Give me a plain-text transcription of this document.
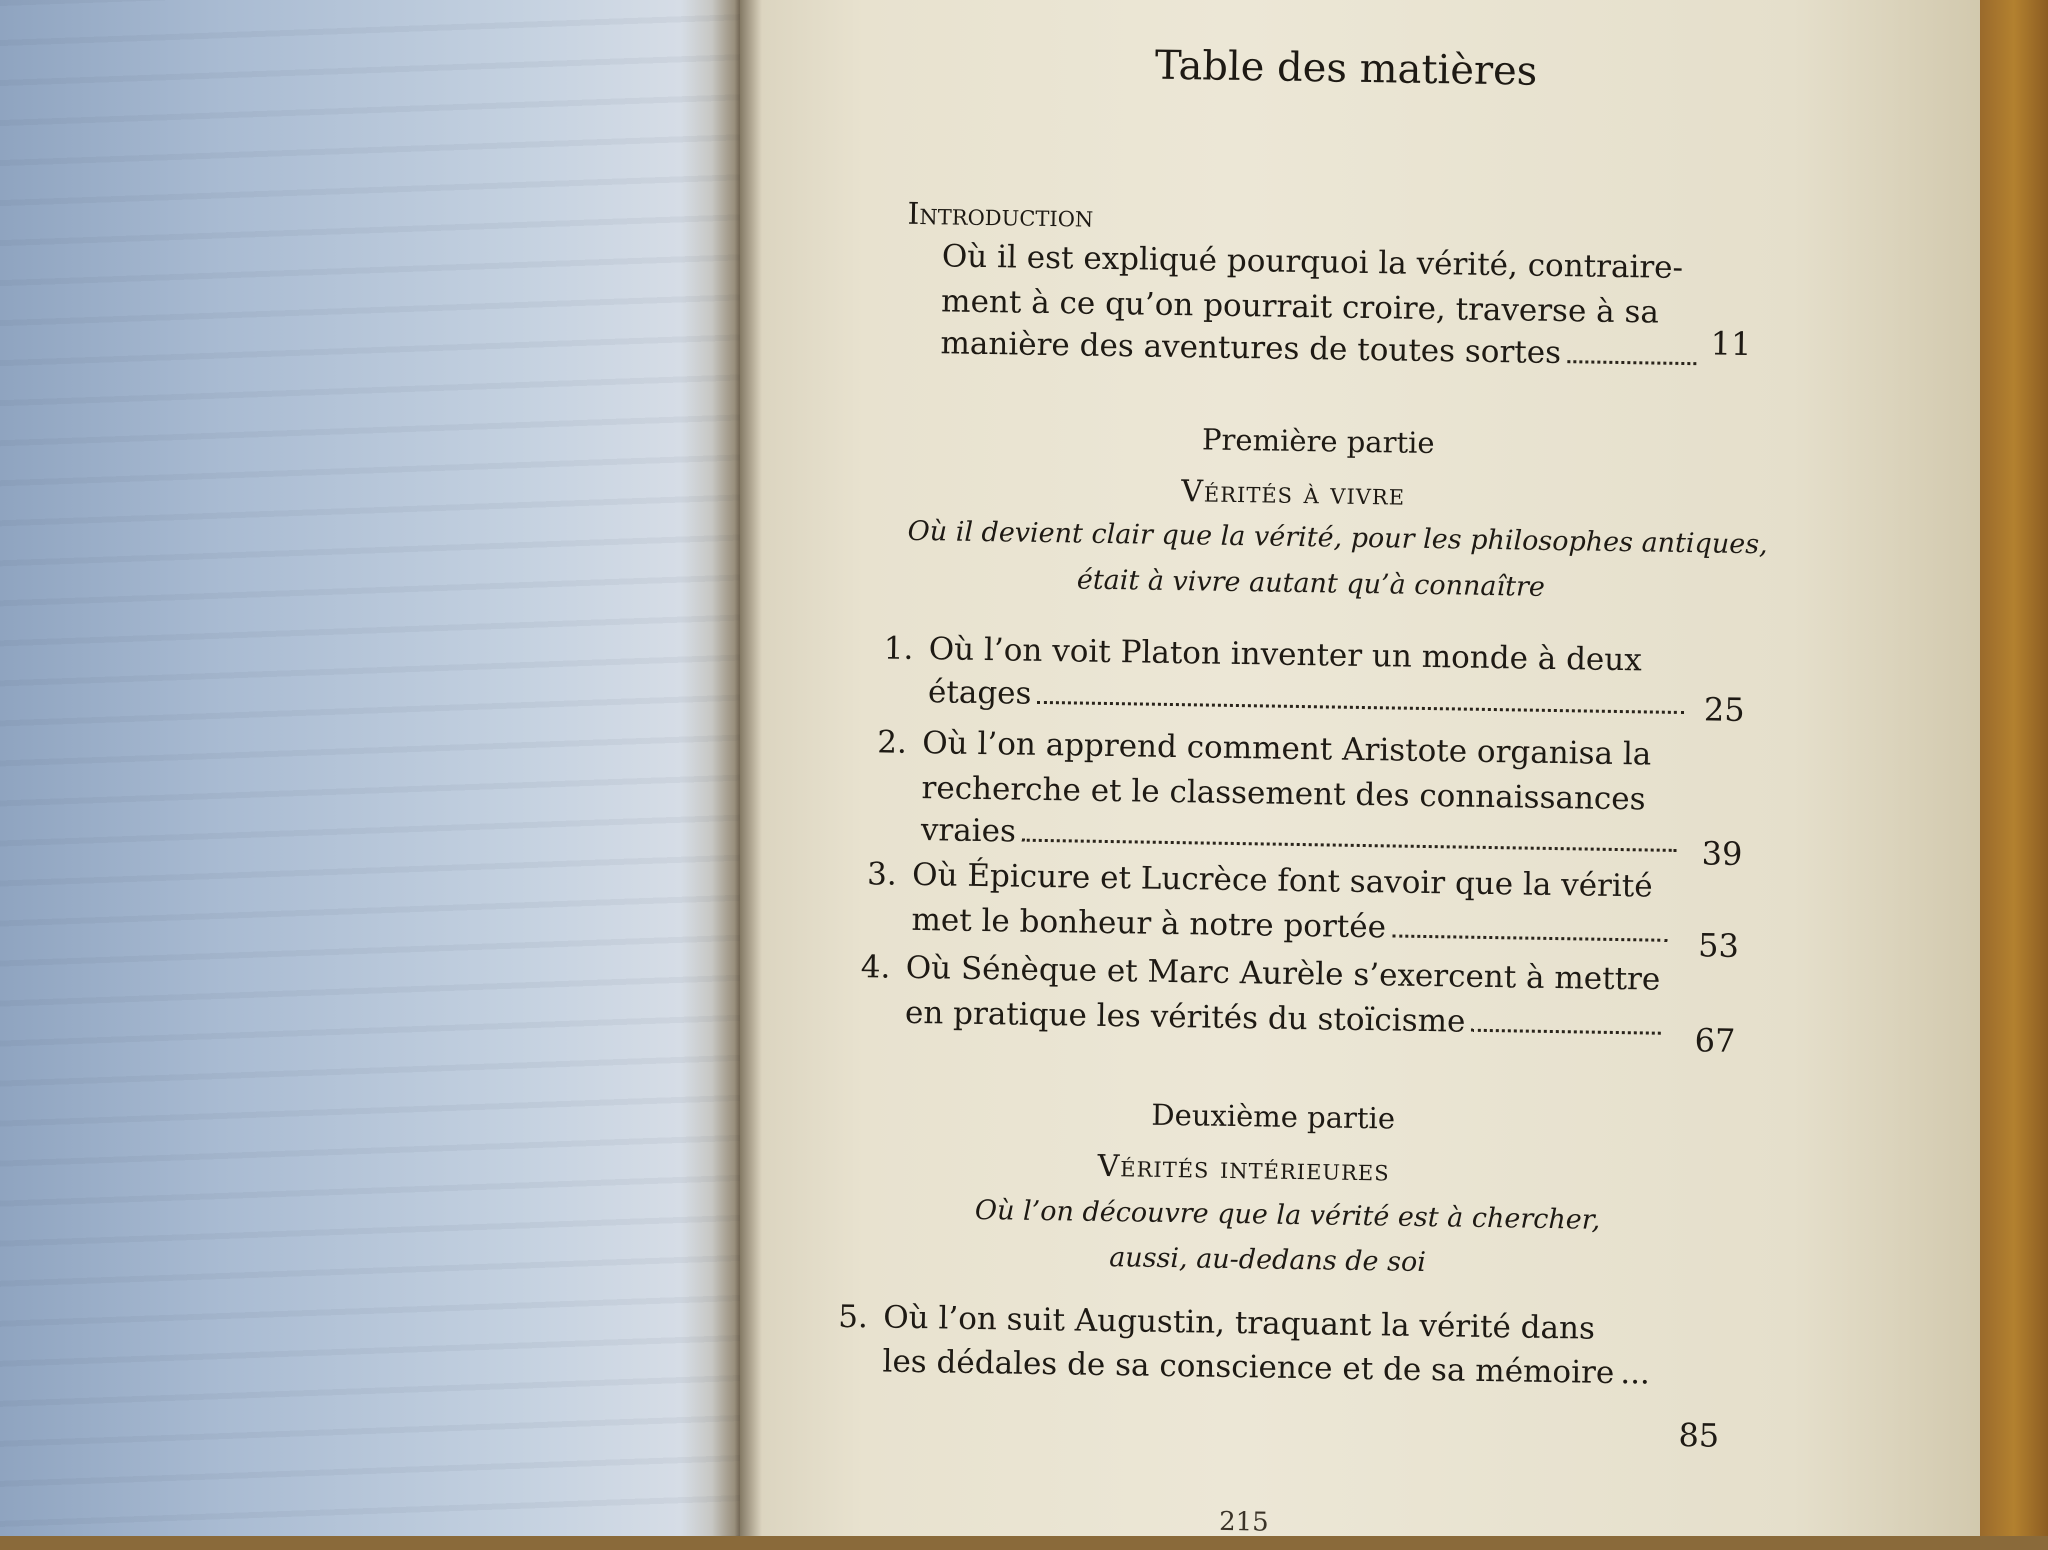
Table des matières
Introduction
Où il est expliqué pourquoi la vérité, contraire-
ment à ce qu’on pourrait croire, traverse à sa
manière des aventures de toutes sortes	11
Première partie
Vérités à vivre
Où il devient clair que la vérité, pour les philosophes antiques,
était à vivre autant qu’à connaître
1. Où l’on voit Platon inventer un monde à deux
étages	25
2. Où l’on apprend comment Aristote organisa la
recherche et le classement des connaissances
vraies
39
3. Où Épicure et Lucrèce font savoir que la vérité
met le bonheur à notre portée
53
4. Où Sénèque et Marc Aurèle s’exercent à mettre
en pratique les vérités du stoïcisme
67
Deuxième partie
Vérités intérieures
Où l’on découvre que la vérité est à chercher,
aussi, au-dedans de soi
5. Où l’on suit Augustin, traquant la vérité dans
les dédales de sa conscience et de sa mémoire ...
85
215
